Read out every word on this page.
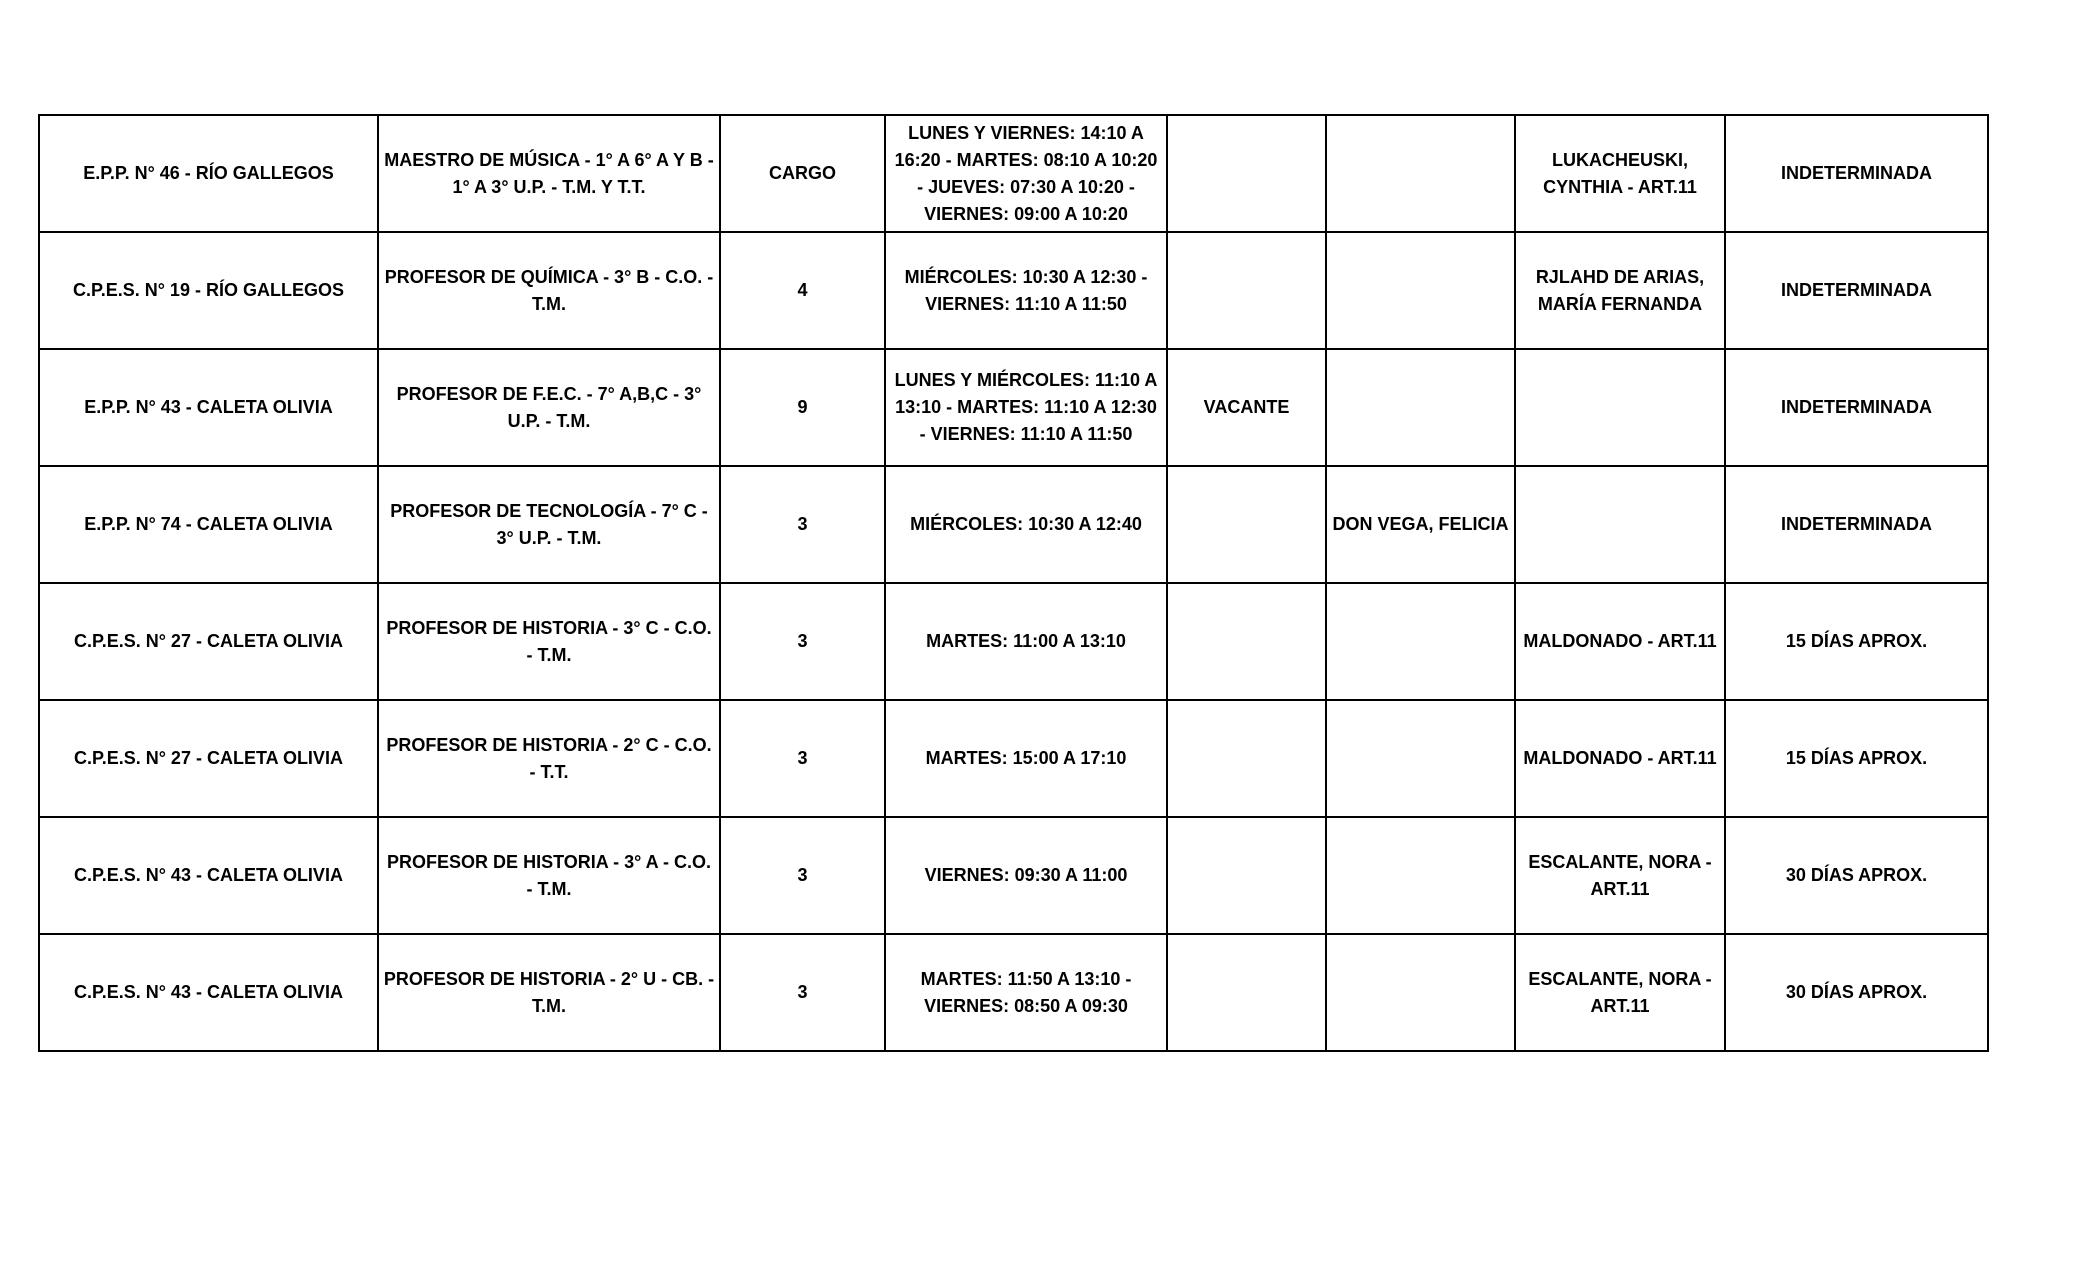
E.P.P. N° 46 - RÍO GALLEGOS	MAESTRO DE MÚSICA - 1° A 6° A Y B - 1° A 3° U.P. - T.M. Y T.T.	CARGO	LUNES Y VIERNES: 14:10 A 16:20 - MARTES: 08:10 A 10:20 - JUEVES: 07:30 A 10:20 - VIERNES: 09:00 A 10:20			LUKACHEUSKI, CYNTHIA - ART.11	INDETERMINADA
C.P.E.S. N° 19 - RÍO GALLEGOS	PROFESOR DE QUÍMICA - 3° B - C.O. - T.M.	4	MIÉRCOLES: 10:30 A 12:30 - VIERNES: 11:10 A 11:50			RJLAHD DE ARIAS, MARÍA FERNANDA	INDETERMINADA
E.P.P. N° 43 - CALETA OLIVIA	PROFESOR DE F.E.C. - 7° A,B,C - 3° U.P. - T.M.	9	LUNES Y MIÉRCOLES: 11:10 A 13:10 - MARTES: 11:10 A 12:30 - VIERNES: 11:10 A 11:50	VACANTE			INDETERMINADA
E.P.P. N° 74 - CALETA OLIVIA	PROFESOR DE TECNOLOGÍA - 7° C - 3° U.P. - T.M.	3	MIÉRCOLES: 10:30 A 12:40		DON VEGA, FELICIA		INDETERMINADA
C.P.E.S. N° 27 - CALETA OLIVIA	PROFESOR DE HISTORIA - 3° C - C.O. - T.M.	3	MARTES: 11:00 A 13:10			MALDONADO - ART.11	15 DÍAS APROX.
C.P.E.S. N° 27 - CALETA OLIVIA	PROFESOR DE HISTORIA - 2° C - C.O. - T.T.	3	MARTES: 15:00 A 17:10			MALDONADO - ART.11	15 DÍAS APROX.
C.P.E.S. N° 43 - CALETA OLIVIA	PROFESOR DE HISTORIA - 3° A - C.O. - T.M.	3	VIERNES: 09:30 A 11:00			ESCALANTE, NORA - ART.11	30 DÍAS APROX.
C.P.E.S. N° 43 - CALETA OLIVIA	PROFESOR DE HISTORIA - 2° U - CB. - T.M.	3	MARTES: 11:50 A 13:10 - VIERNES: 08:50 A 09:30			ESCALANTE, NORA - ART.11	30 DÍAS APROX.
